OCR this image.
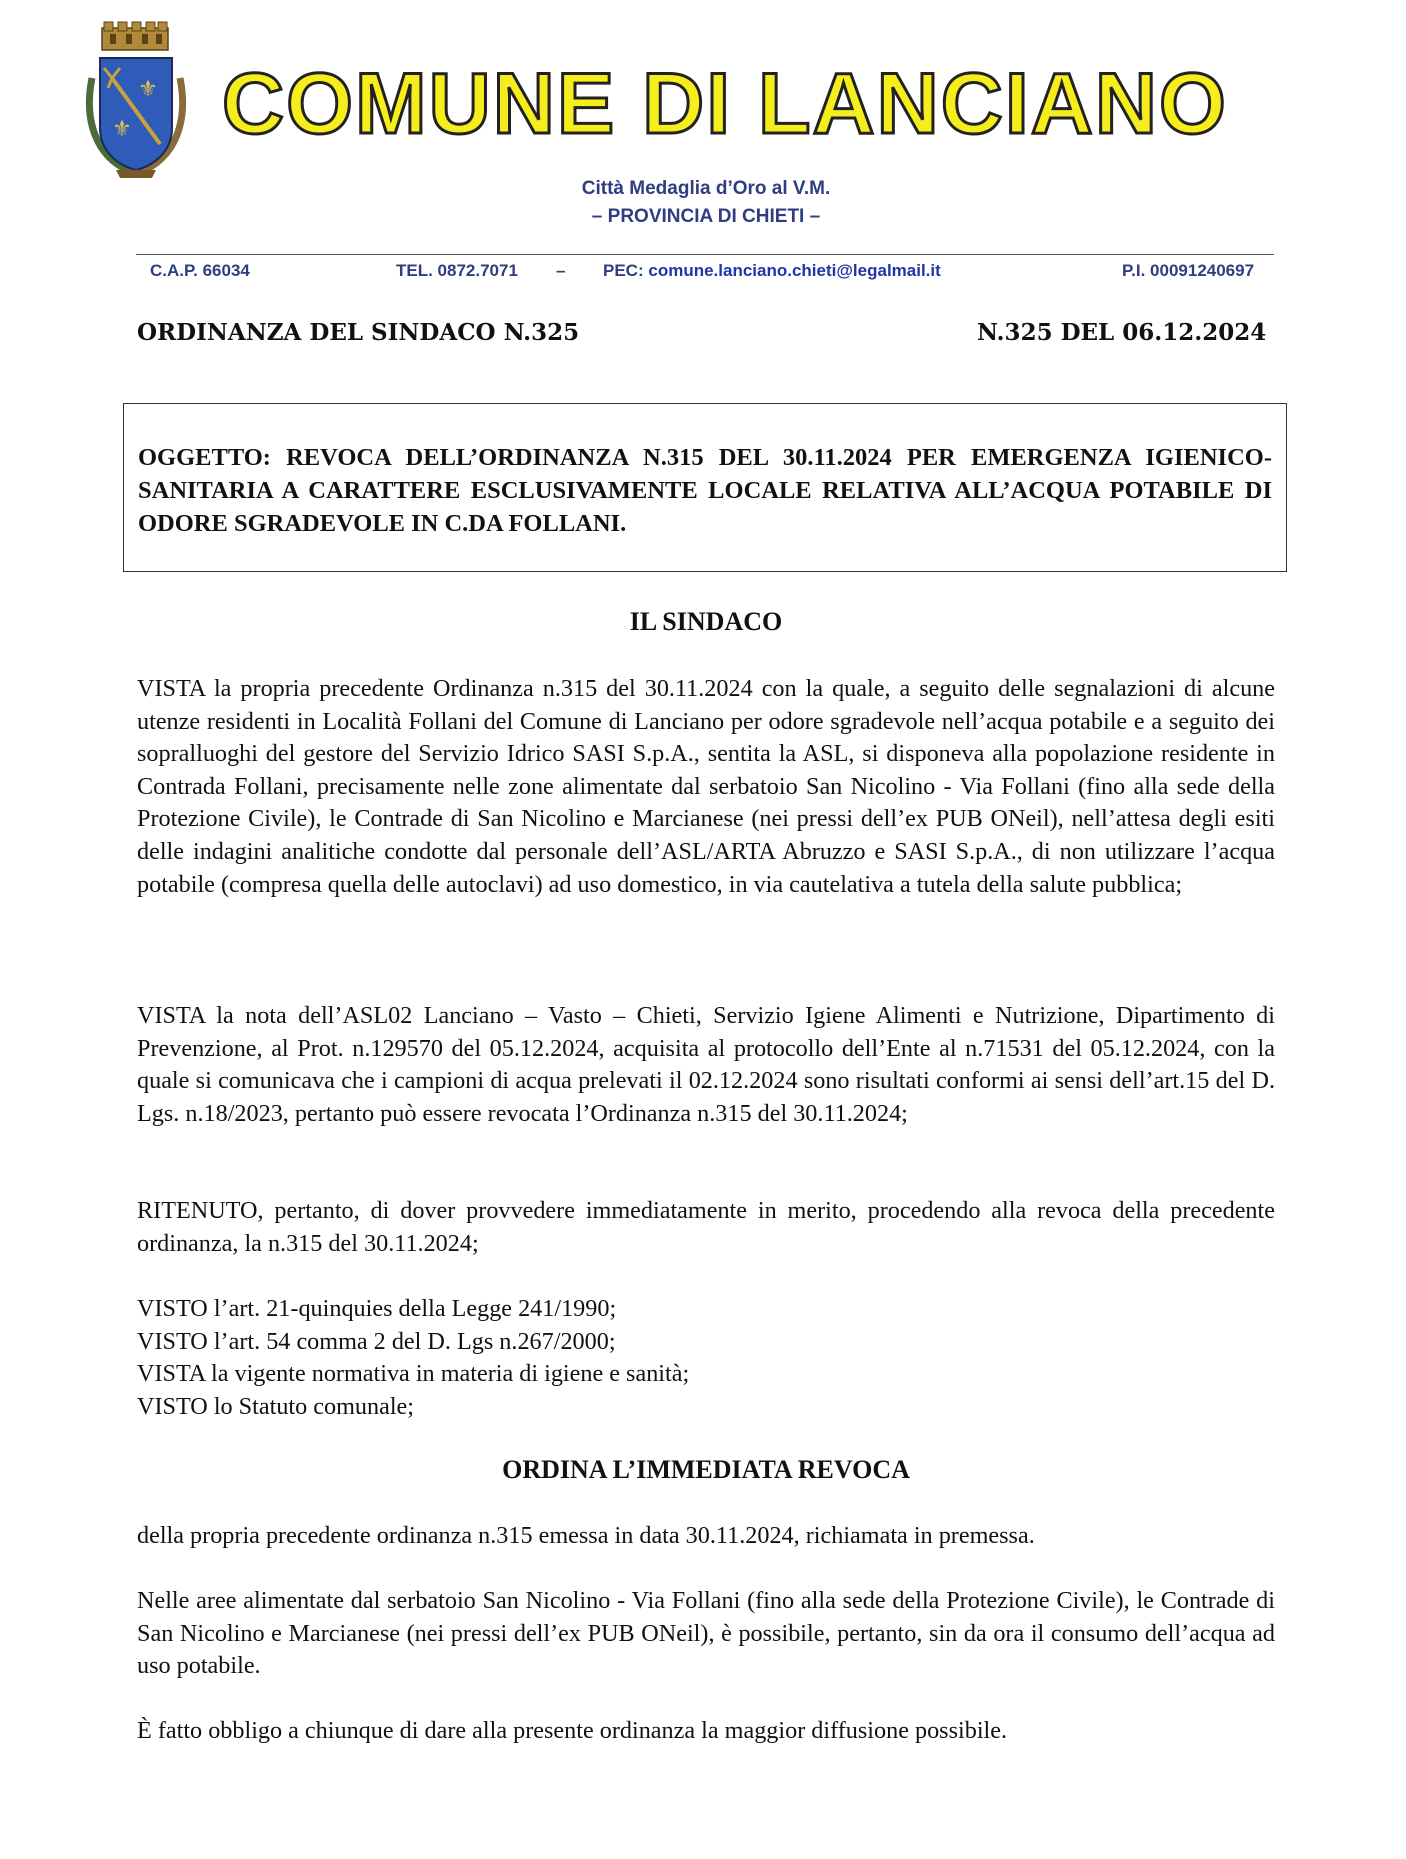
⚜
⚜ COMUNE DI LANCIANO
Città Medaglia d’Oro al V.M.
– PROVINCIA DI CHIETI –
C.A.P. 66034	TEL. 0872.7071 – PEC: comune.lanciano.chieti@legalmail.it	P.I. 00091240697
ORDINANZA DEL SINDACO N.325	N.325 DEL 06.12.2024
OGGETTO: REVOCA DELL’ORDINANZA N.315 DEL 30.11.2024 PER EMERGENZA IGIENICO-SANITARIA A CARATTERE ESCLUSIVAMENTE LOCALE RELATIVA ALL’ACQUA POTABILE DI ODORE SGRADEVOLE IN C.DA FOLLANI.
IL SINDACO
VISTA la propria precedente Ordinanza n.315 del 30.11.2024 con la quale, a seguito delle segnalazioni di alcune utenze residenti in Località Follani del Comune di Lanciano per odore sgradevole nell’acqua potabile e a seguito dei sopralluoghi del gestore del Servizio Idrico SASI S.p.A., sentita la ASL, si disponeva alla popolazione residente in Contrada Follani, precisamente nelle zone alimentate dal serbatoio San Nicolino - Via Follani (fino alla sede della Protezione Civile), le Contrade di San Nicolino e Marcianese (nei pressi dell’ex PUB ONeil), nell’attesa degli esiti delle indagini analitiche condotte dal personale dell’ASL/ARTA Abruzzo e SASI S.p.A., di non utilizzare l’acqua potabile (compresa quella delle autoclavi) ad uso domestico, in via cautelativa a tutela della salute pubblica;
VISTA la nota dell’ASL02 Lanciano – Vasto – Chieti, Servizio Igiene Alimenti e Nutrizione, Dipartimento di Prevenzione, al Prot. n.129570 del 05.12.2024, acquisita al protocollo dell’Ente al n.71531 del 05.12.2024, con la quale si comunicava che i campioni di acqua prelevati il 02.12.2024 sono risultati conformi ai sensi dell’art.15 del D. Lgs. n.18/2023, pertanto può essere revocata l’Ordinanza n.315 del 30.11.2024;
RITENUTO, pertanto, di dover provvedere immediatamente in merito, procedendo alla revoca della precedente ordinanza, la n.315 del 30.11.2024;
VISTO l’art. 21-quinquies della Legge 241/1990;
VISTO l’art. 54 comma 2 del D. Lgs n.267/2000;
VISTA la vigente normativa in materia di igiene e sanità;
VISTO lo Statuto comunale;
ORDINA L’IMMEDIATA REVOCA
della propria precedente ordinanza n.315 emessa in data 30.11.2024, richiamata in premessa.
Nelle aree alimentate dal serbatoio San Nicolino - Via Follani (fino alla sede della Protezione Civile), le Contrade di San Nicolino e Marcianese (nei pressi dell’ex PUB ONeil), è possibile, pertanto, sin da ora il consumo dell’acqua ad uso potabile.
È fatto obbligo a chiunque di dare alla presente ordinanza la maggior diffusione possibile.
